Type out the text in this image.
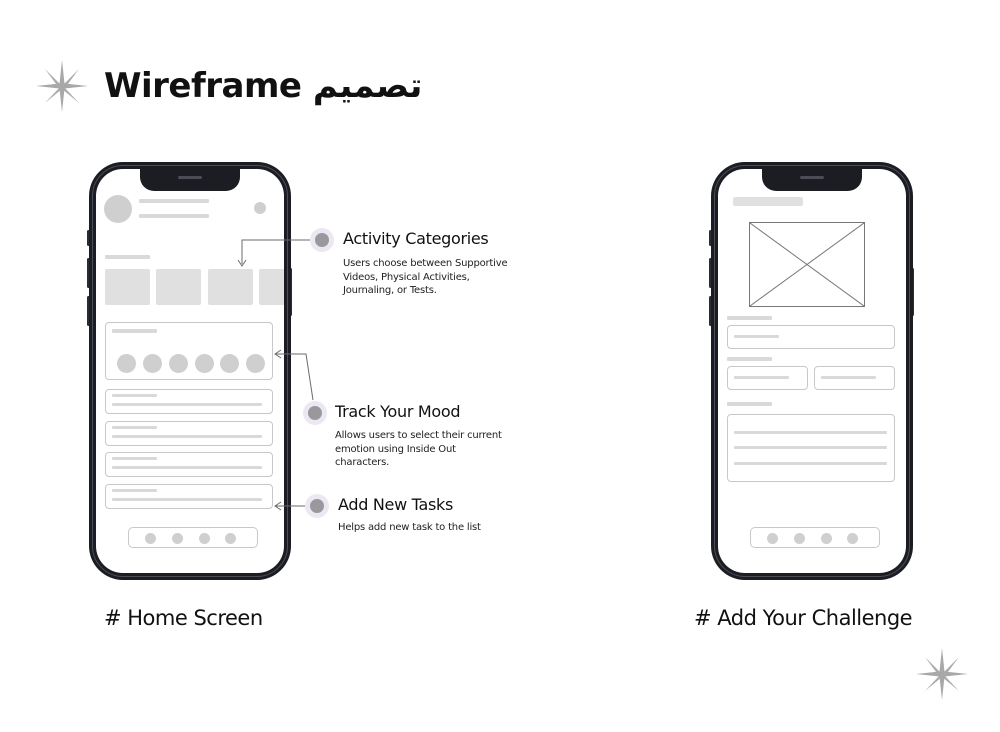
Wireframe تصميم
Activity Categories
Users choose between Supportive Videos, Physical Activities, Journaling, or Tests.
Track Your Mood
Allows users to select their current emotion using Inside Out characters.
Add New Tasks
Helps add new task to the list
# Home Screen	# Add Your Challenge
